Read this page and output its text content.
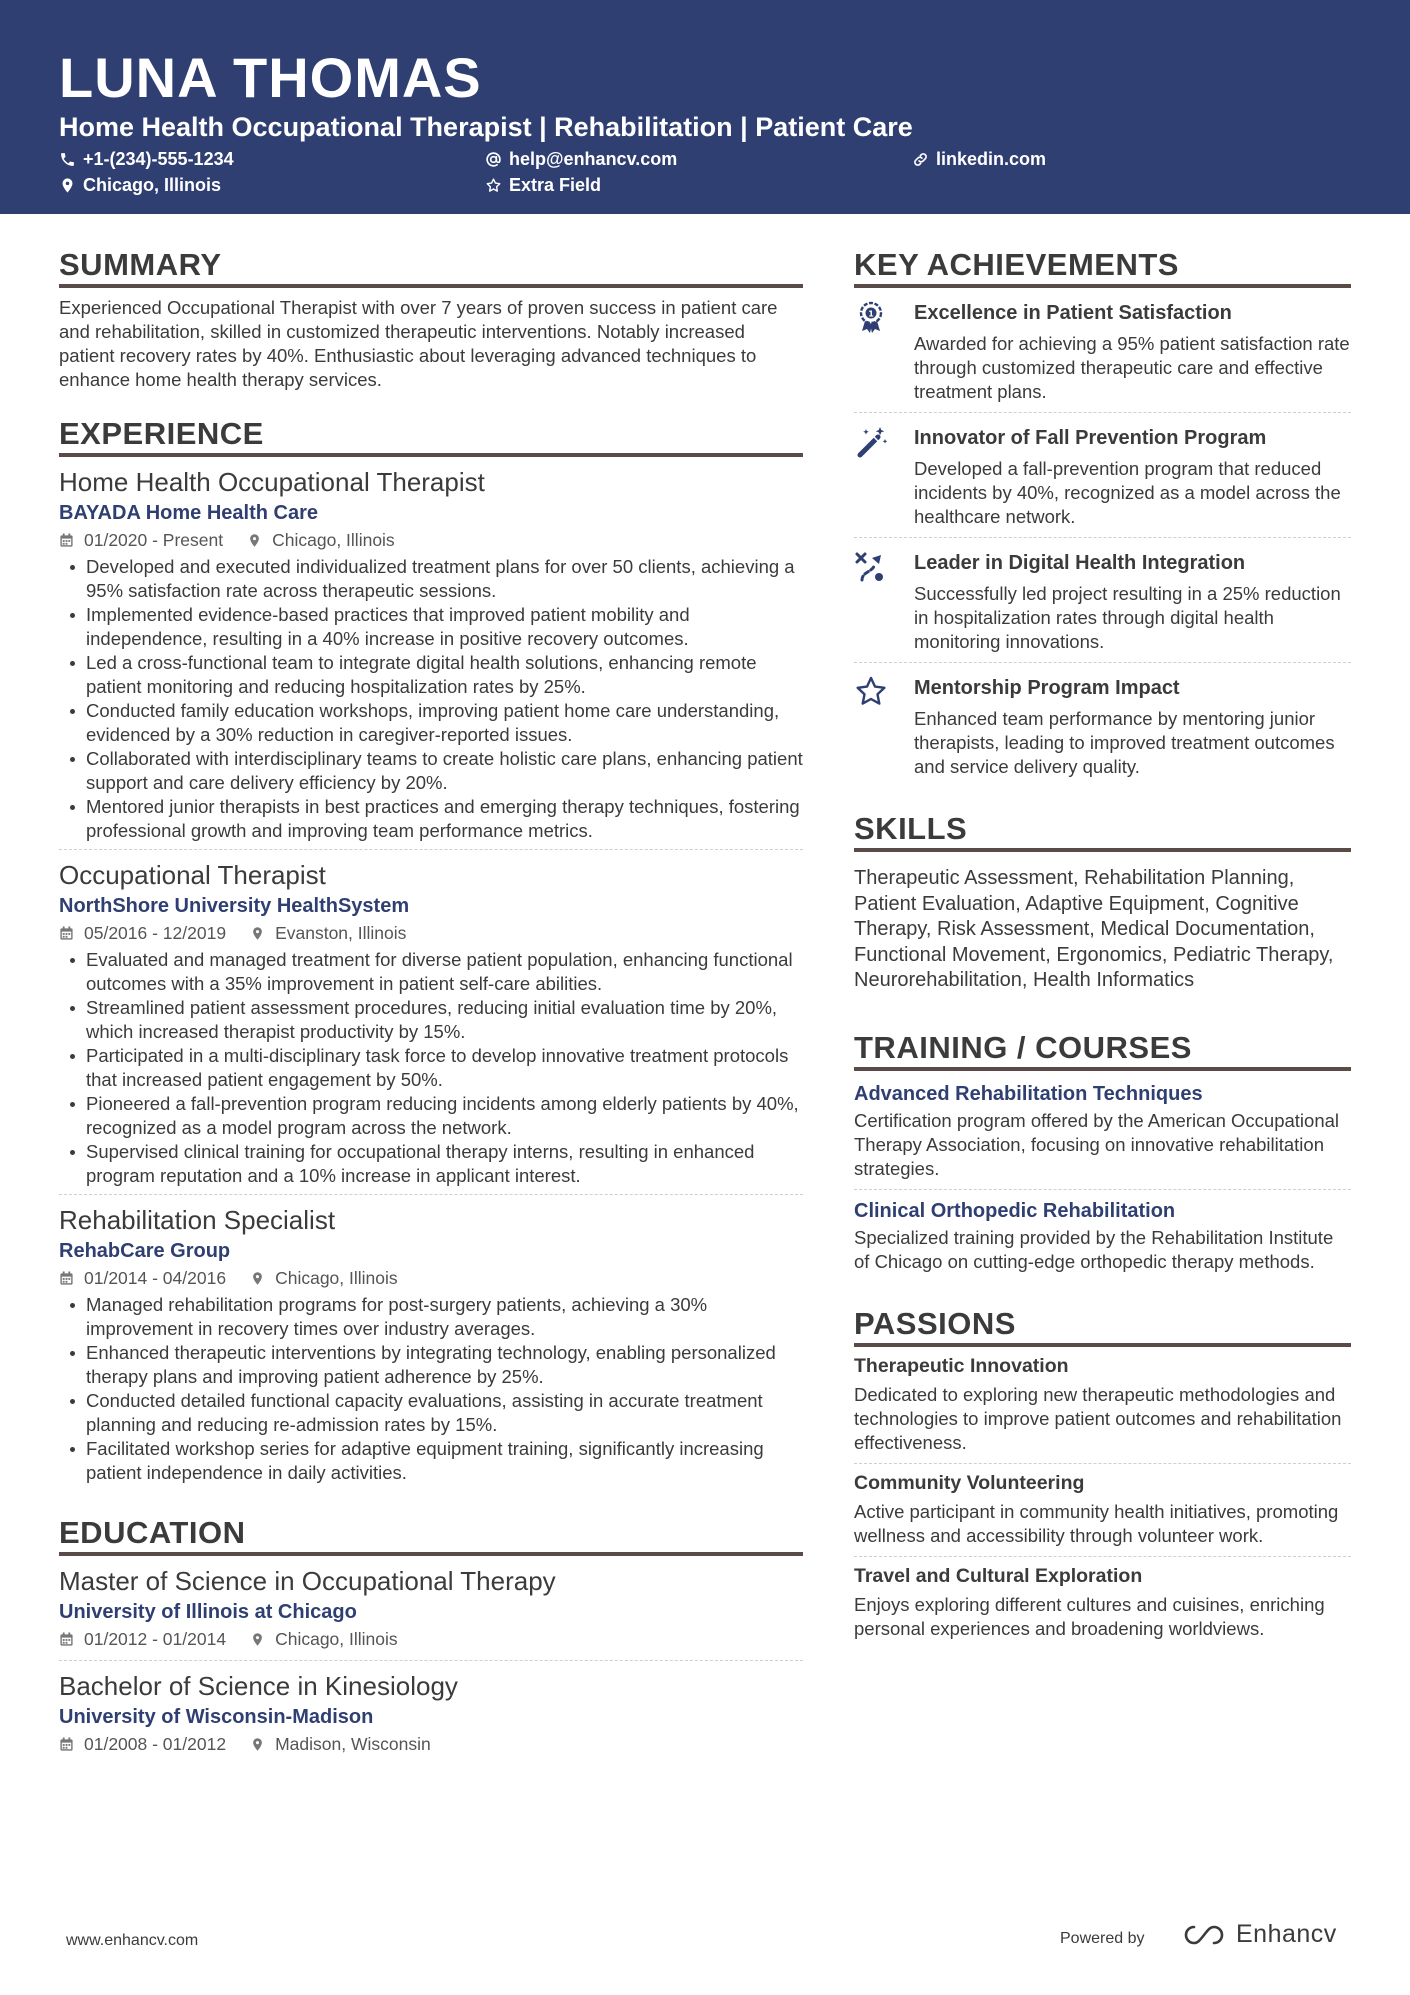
LUNA THOMAS
Home Health Occupational Therapist | Rehabilitation | Patient Care
+1-(234)-555-1234	help@enhancv.com	linkedin.com
Chicago, Illinois	Extra Field
SUMMARY
Experienced Occupational Therapist with over 7 years of proven success in patient care and rehabilitation, skilled in customized therapeutic interventions. Notably increased patient recovery rates by 40%. Enthusiastic about leveraging advanced techniques to enhance home health therapy services.
EXPERIENCE
Home Health Occupational Therapist
BAYADA Home Health Care
01/2020 - Present	Chicago, Illinois
Developed and executed individualized treatment plans for over 50 clients, achieving a 95% satisfaction rate across therapeutic sessions.
Implemented evidence-based practices that improved patient mobility and independence, resulting in a 40% increase in positive recovery outcomes.
Led a cross-functional team to integrate digital health solutions, enhancing remote patient monitoring and reducing hospitalization rates by 25%.
Conducted family education workshops, improving patient home care understanding, evidenced by a 30% reduction in caregiver-reported issues.
Collaborated with interdisciplinary teams to create holistic care plans, enhancing patient support and care delivery efficiency by 20%.
Mentored junior therapists in best practices and emerging therapy techniques, fostering professional growth and improving team performance metrics.
Occupational Therapist
NorthShore University HealthSystem
05/2016 - 12/2019	Evanston, Illinois
Evaluated and managed treatment for diverse patient population, enhancing functional outcomes with a 35% improvement in patient self-care abilities.
Streamlined patient assessment procedures, reducing initial evaluation time by 20%, which increased therapist productivity by 15%.
Participated in a multi-disciplinary task force to develop innovative treatment protocols that increased patient engagement by 50%.
Pioneered a fall-prevention program reducing incidents among elderly patients by 40%, recognized as a model program across the network.
Supervised clinical training for occupational therapy interns, resulting in enhanced program reputation and a 10% increase in applicant interest.
Rehabilitation Specialist
RehabCare Group
01/2014 - 04/2016	Chicago, Illinois
Managed rehabilitation programs for post-surgery patients, achieving a 30% improvement in recovery times over industry averages.
Enhanced therapeutic interventions by integrating technology, enabling personalized therapy plans and improving patient adherence by 25%.
Conducted detailed functional capacity evaluations, assisting in accurate treatment planning and reducing re-admission rates by 15%.
Facilitated workshop series for adaptive equipment training, significantly increasing patient independence in daily activities.
EDUCATION
Master of Science in Occupational Therapy
University of Illinois at Chicago
01/2012 - 01/2014	Chicago, Illinois
Bachelor of Science in Kinesiology
University of Wisconsin-Madison
01/2008 - 01/2012	Madison, Wisconsin
KEY ACHIEVEMENTS
1 Excellence in Patient Satisfaction
Awarded for achieving a 95% patient satisfaction rate through customized therapeutic care and effective treatment plans.
Innovator of Fall Prevention Program
Developed a fall-prevention program that reduced incidents by 40%, recognized as a model across the healthcare network.
Leader in Digital Health Integration
Successfully led project resulting in a 25% reduction in hospitalization rates through digital health monitoring innovations.
Mentorship Program Impact
Enhanced team performance by mentoring junior therapists, leading to improved treatment outcomes and service delivery quality.
SKILLS
Therapeutic Assessment, Rehabilitation Planning, Patient Evaluation, Adaptive Equipment, Cognitive Therapy, Risk Assessment, Medical Documentation, Functional Movement, Ergonomics, Pediatric Therapy, Neurorehabilitation, Health Informatics
TRAINING / COURSES
Advanced Rehabilitation Techniques
Certification program offered by the American Occupational Therapy Association, focusing on innovative rehabilitation strategies.
Clinical Orthopedic Rehabilitation
Specialized training provided by the Rehabilitation Institute of Chicago on cutting-edge orthopedic therapy methods.
PASSIONS
Therapeutic Innovation
Dedicated to exploring new therapeutic methodologies and technologies to improve patient outcomes and rehabilitation effectiveness.
Community Volunteering
Active participant in community health initiatives, promoting wellness and accessibility through volunteer work.
Travel and Cultural Exploration
Enjoys exploring different cultures and cuisines, enriching personal experiences and broadening worldviews.
www.enhancv.com	Powered by	Enhancv
